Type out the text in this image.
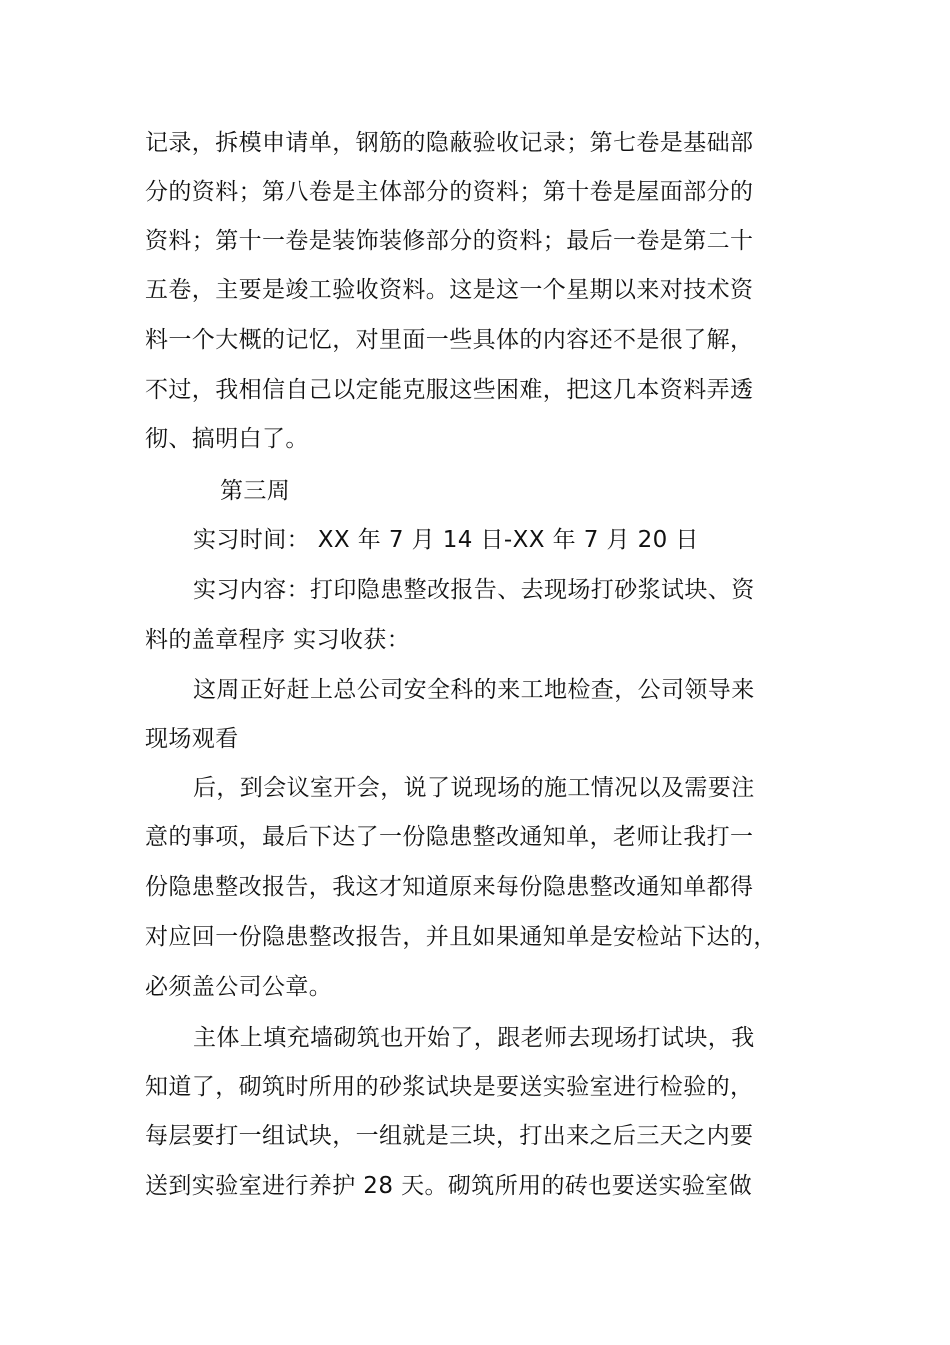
记录，拆模申请单，钢筋的隐蔽验收记录；第七卷是基础部
分的资料；第八卷是主体部分的资料；第十卷是屋面部分的
资料；第十一卷是装饰装修部分的资料；最后一卷是第二十
五卷，主要是竣工验收资料。这是这一个星期以来对技术资
料一个大概的记忆，对里面一些具体的内容还不是很了解，
不过，我相信自己以定能克服这些困难，把这几本资料弄透
彻、搞明白了。
第三周
实习时间： XX 年 7 月 14 日-XX 年 7 月 20 日
实习内容：打印隐患整改报告、去现场打砂浆试块、资
料的盖章程序 实习收获：
这周正好赶上总公司安全科的来工地检查，公司领导来
现场观看
后，到会议室开会，说了说现场的施工情况以及需要注
意的事项，最后下达了一份隐患整改通知单，老师让我打一
份隐患整改报告，我这才知道原来每份隐患整改通知单都得
对应回一份隐患整改报告，并且如果通知单是安检站下达的，
必须盖公司公章。
主体上填充墙砌筑也开始了，跟老师去现场打试块，我
知道了，砌筑时所用的砂浆试块是要送实验室进行检验的，
每层要打一组试块，一组就是三块，打出来之后三天之内要
送到实验室进行养护 28 天。砌筑所用的砖也要送实验室做
